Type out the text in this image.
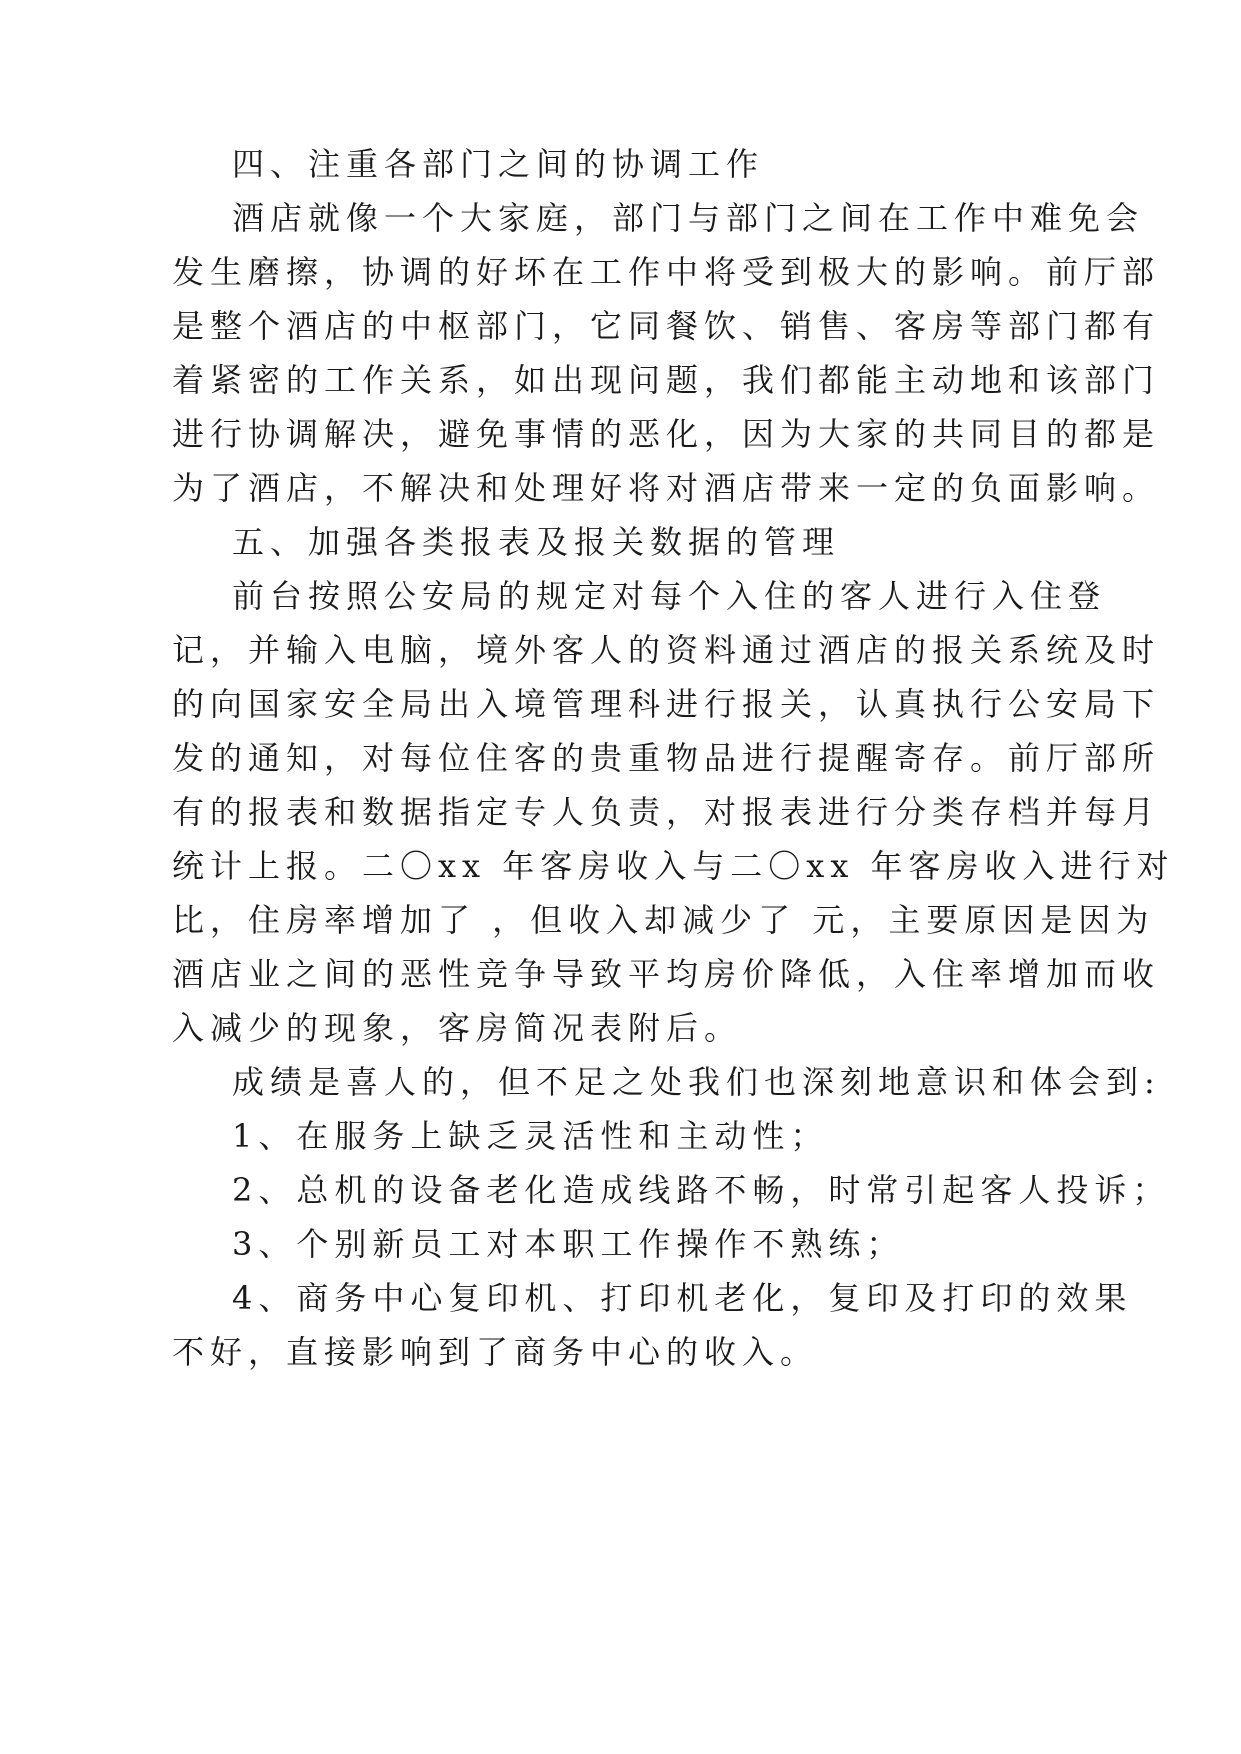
四、注重各部门之间的协调工作
酒店就像一个大家庭，部门与部门之间在工作中难免会
发生磨擦，协调的好坏在工作中将受到极大的影响。前厅部
是整个酒店的中枢部门，它同餐饮、销售、客房等部门都有
着紧密的工作关系，如出现问题，我们都能主动地和该部门
进行协调解决，避免事情的恶化，因为大家的共同目的都是
为了酒店，不解决和处理好将对酒店带来一定的负面影响。
五、加强各类报表及报关数据的管理
前台按照公安局的规定对每个入住的客人进行入住登
记，并输入电脑，境外客人的资料通过酒店的报关系统及时
的向国家安全局出入境管理科进行报关，认真执行公安局下
发的通知，对每位住客的贵重物品进行提醒寄存。前厅部所
有的报表和数据指定专人负责，对报表进行分类存档并每月
统计上报。二〇xx 年客房收入与二〇xx 年客房收入进行对
比，住房率增加了 ，但收入却减少了 元，主要原因是因为
酒店业之间的恶性竞争导致平均房价降低，入住率增加而收
入减少的现象，客房简况表附后。
成绩是喜人的，但不足之处我们也深刻地意识和体会到:
1、在服务上缺乏灵活性和主动性；
2、总机的设备老化造成线路不畅，时常引起客人投诉；
3、个别新员工对本职工作操作不熟练；
4、商务中心复印机、打印机老化，复印及打印的效果
不好，直接影响到了商务中心的收入。
